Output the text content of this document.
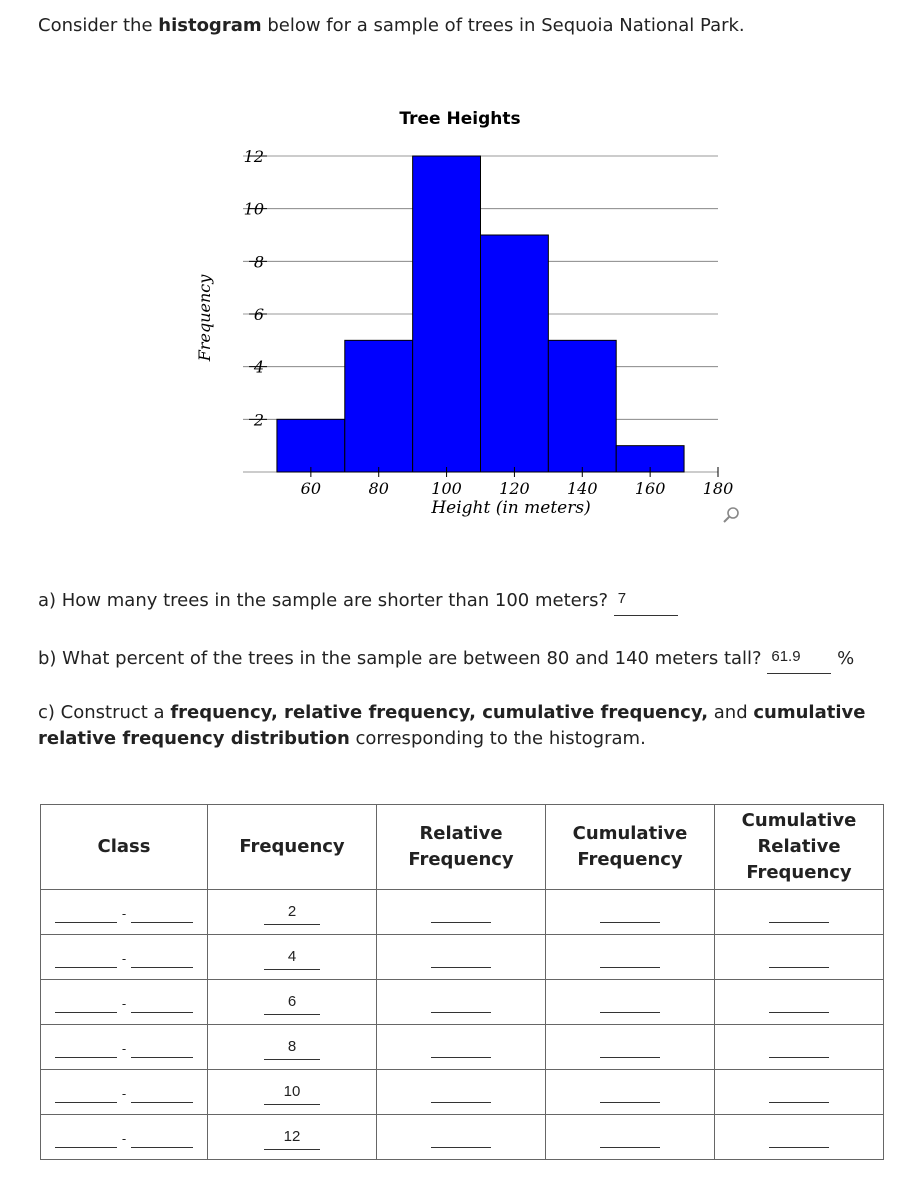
Consider the histogram below for a sample of trees in Sequoia National Park.
60	80	100 120 140 160 180
2
4
6
8
10
12
Tree Heights
Height (in meters)
Frequency
a) How many trees in the sample are shorter than 100 meters? 7
b) What percent of the trees in the sample are between 80 and 140 meters tall? 61.9 %
c) Construct a frequency, relative frequency, cumulative frequency, and cumulative relative frequency distribution corresponding to the histogram.
Class	Frequency	Relative Frequency	Cumulative Frequency	Cumulative Relative Frequency
-	2			
-	4			
-	6			
-	8			
-	10			
-	12			
